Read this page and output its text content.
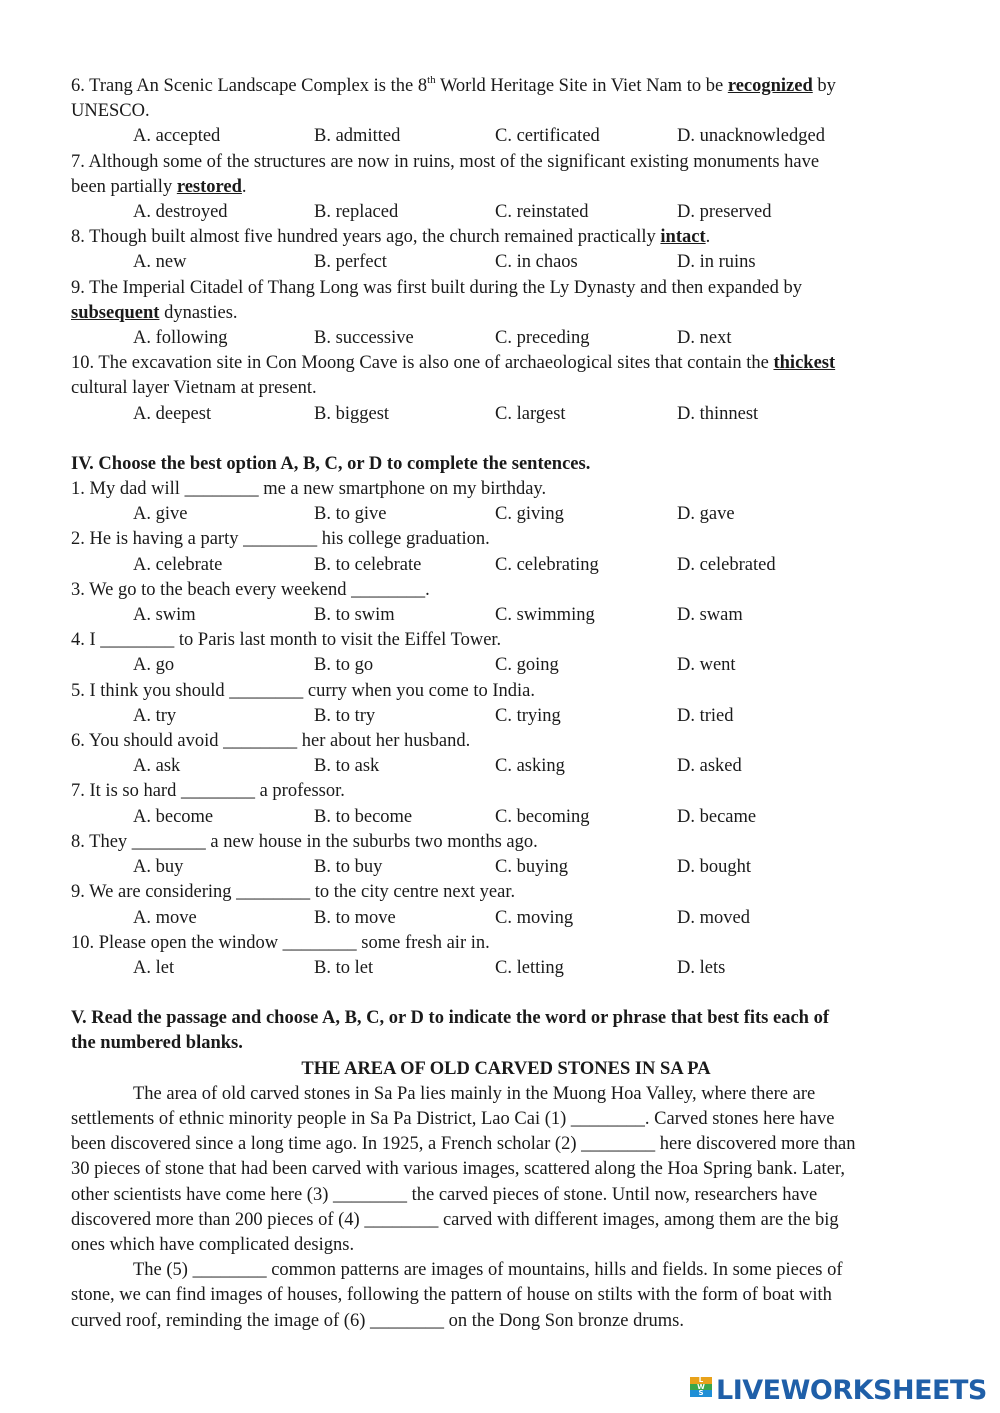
6. Trang An Scenic Landscape Complex is the 8th World Heritage Site in Viet Nam to be recognized by
UNESCO.
A. accepted	B. admitted	C. certificated	D. unacknowledged
7. Although some of the structures are now in ruins, most of the significant existing monuments have
been partially restored.
A. destroyed	B. replaced	C. reinstated	D. preserved
8. Though built almost five hundred years ago, the church remained practically intact.
A. new	B. perfect	C. in chaos	D. in ruins
9. The Imperial Citadel of Thang Long was first built during the Ly Dynasty and then expanded by
subsequent dynasties.
A. following	B. successive	C. preceding	D. next
10. The excavation site in Con Moong Cave is also one of archaeological sites that contain the thickest
cultural layer Vietnam at present.
A. deepest	B. biggest	C. largest	D. thinnest
IV. Choose the best option A, B, C, or D to complete the sentences.
1. My dad will ________ me a new smartphone on my birthday.
A. give	B. to give	C. giving	D. gave
2. He is having a party ________ his college graduation.
A. celebrate	B. to celebrate	C. celebrating	D. celebrated
3. We go to the beach every weekend ________.
A. swim	B. to swim	C. swimming	D. swam
4. I ________ to Paris last month to visit the Eiffel Tower.
A. go	B. to go	C. going	D. went
5. I think you should ________ curry when you come to India.
A. try	B. to try	C. trying	D. tried
6. You should avoid ________ her about her husband.
A. ask	B. to ask	C. asking	D. asked
7. It is so hard ________ a professor.
A. become	B. to become	C. becoming	D. became
8. They ________ a new house in the suburbs two months ago.
A. buy	B. to buy	C. buying	D. bought
9. We are considering ________ to the city centre next year.
A. move	B. to move	C. moving	D. moved
10. Please open the window ________ some fresh air in.
A. let	B. to let	C. letting	D. lets
V. Read the passage and choose A, B, C, or D to indicate the word or phrase that best fits each of
the numbered blanks.
THE AREA OF OLD CARVED STONES IN SA PA
The area of old carved stones in Sa Pa lies mainly in the Muong Hoa Valley, where there are
settlements of ethnic minority people in Sa Pa District, Lao Cai (1) ________. Carved stones here have
been discovered since a long time ago. In 1925, a French scholar (2) ________ here discovered more than
30 pieces of stone that had been carved with various images, scattered along the Hoa Spring bank. Later,
other scientists have come here (3) ________ the carved pieces of stone. Until now, researchers have
discovered more than 200 pieces of (4) ________ carved with different images, among them are the big
ones which have complicated designs.
The (5) ________ common patterns are images of mountains, hills and fields. In some pieces of
stone, we can find images of houses, following the pattern of house on stilts with the form of boat with
curved roof, reminding the image of (6) ________ on the Dong Son bronze drums.
L
W
S LIVEWORKSHEETS
